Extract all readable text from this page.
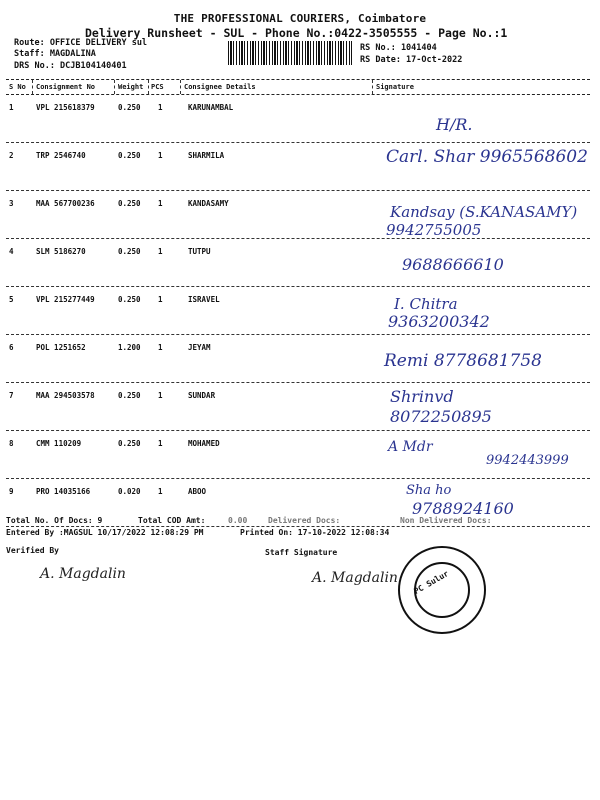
THE PROFESSIONAL COURIERS, Coimbatore
Delivery Runsheet - SUL - Phone No.:0422-3505555 - Page No.:1
Route: OFFICE DELIVERY sul
Staff: MAGDALINA
DRS No.: DCJB104140401
RS No.: 1041404
RS Date: 17-Oct-2022
S No Consignment No	Weight PCS	Consignee Details	Signature
1	VPL 215618379	0.250 1	KARUNAMBAL
H/R.
2	TRP 2546740	0.250 1	SHARMILA	Carl. Shar 9965568602
3	MAA 567700236	0.250 1	KANDASAMY	Kandsay (S.KANASAMY)
9942755005
4	SLM 5186270	0.250 1	TUTPU
9688666610
5	VPL 215277449	0.250 1	ISRAVEL	I. Chitra
9363200342
6	POL 1251652	1.200 1	JEYAM
Remi 8778681758
7	MAA 294503578	0.250 1	SUNDAR	Shrinvd
8072250895
8	CMM 110209	0.250 1	MOHAMED	A Mdr
9942443999
9	PRO 14035166	0.020 1	ABOO	Sha ho
9788924160
Total No. Of Docs: 9	Total COD Amt:	0.00	Delivered Docs:	Non Delivered Docs:
Entered By :MAGSUL 10/17/2022 12:08:29 PM	Printed On: 17-10-2022 12:08:34
Verified By	Staff Signature
A. Magdalin	A. Magdalin PC Sulur
